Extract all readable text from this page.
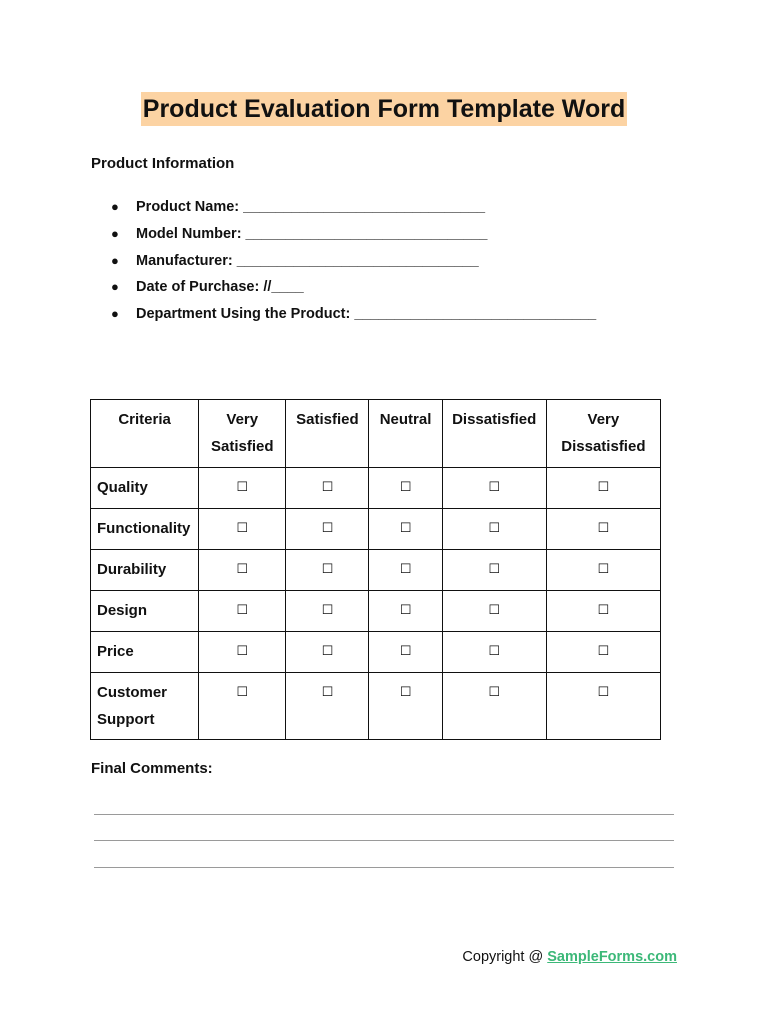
Product Evaluation Form Template Word
Product Information
● Product Name: ______________________________
● Model Number: ______________________________
● Manufacturer: ______________________________
● Date of Purchase: //____
● Department Using the Product: ______________________________
Criteria	Very Satisfied	Satisfied	Neutral	Dissatisfied	Very Dissatisfied
Quality	☐	☐	☐	☐	☐
Functionality	☐	☐	☐	☐	☐
Durability	☐	☐	☐	☐	☐
Design	☐	☐	☐	☐	☐
Price	☐	☐	☐	☐	☐
Customer Support	☐	☐	☐	☐	☐
Final Comments:
Copyright @ SampleForms.com
